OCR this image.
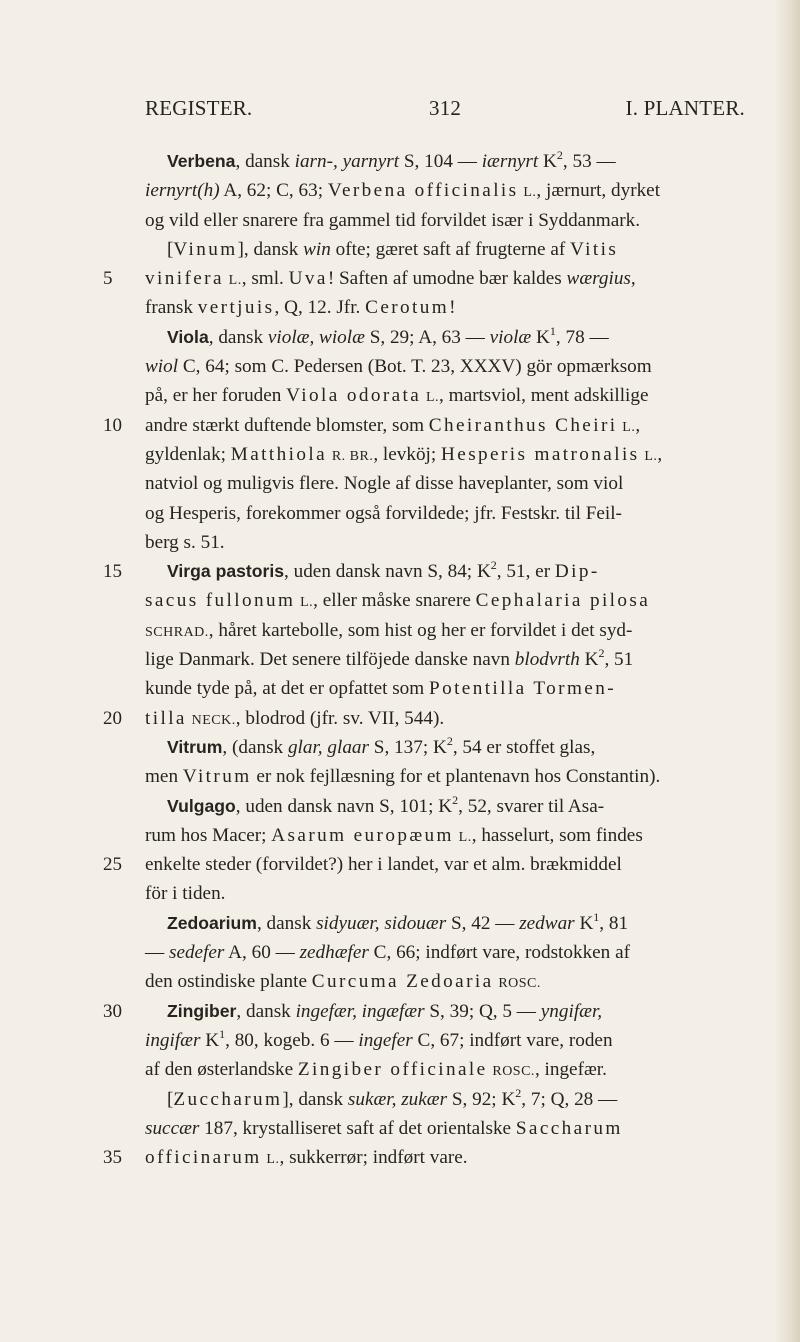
REGISTER.	312	I. PLANTER.
Verbena, dansk iarn-, yarnyrt S, 104 — iærnyrt $K^2$, 53 —
iernyrt(h) A, 62; C, 63; Verbena officinalis L., jærnurt, dyrket
og vild eller snarere fra gammel tid forvildet især i Syddanmark.
[Vinum], dansk win ofte; gæret saft af frugterne af Vitis
5	vinifera L., sml. Uva! Saften af umodne bær kaldes wærgius,
fransk vertjuis, Q, 12. Jfr. Cerotum!
Viola, dansk violæ, wiolæ S, 29; A, 63 — violæ $K^1$, 78 —
wiol C, 64; som C. Pedersen (Bot. T. 23, XXXV) gör opmærksom
på, er her foruden Viola odorata L., martsviol, ment adskillige
10	andre stærkt duftende blomster, som Cheiranthus Cheiri L.,
gyldenlak; Matthiola R. BR., levköj; Hesperis matronalis L.,
natviol og muligvis flere. Nogle af disse haveplanter, som viol
og Hesperis, forekommer også forvildede; jfr. Festskr. til Feil-
berg s. 51.
15	Virga pastoris, uden dansk navn S, 84; $K^2$, 51, er Dip-
sacus fullonum L., eller måske snarere Cephalaria pilosa
SCHRAD., håret kartebolle, som hist og her er forvildet i det syd-
lige Danmark. Det senere tilföjede danske navn blodvrth $K^2$, 51
kunde tyde på, at det er opfattet som Potentilla Tormen-
20	tilla NECK., blodrod (jfr. sv. VII, 544).
Vitrum, (dansk glar, glaar S, 137; $K^2$, 54 er stoffet glas,
men Vitrum er nok fejllæsning for et plantenavn hos Constantin).
Vulgago, uden dansk navn S, 101; $K^2$, 52, svarer til Asa-
rum hos Macer; Asarum europæum L., hasselurt, som findes
25	enkelte steder (forvildet?) her i landet, var et alm. brækmiddel
för i tiden.
Zedoarium, dansk sidyuær, sidouær S, 42 — zedwar $K^1$, 81
— sedefer A, 60 — zedhæfer C, 66; indført vare, rodstokken af
den ostindiske plante Curcuma Zedoaria ROSC.
30	Zingiber, dansk ingefær, ingæfær S, 39; Q, 5 — yngifær,
ingifær $K^1$, 80, kogeb. 6 — ingefer C, 67; indført vare, roden
af den østerlandske Zingiber officinale ROSC., ingefær.
[Zuccharum], dansk sukær, zukær S, 92; $K^2$, 7; Q, 28 —
succær 187, krystalliseret saft af det orientalske Saccharum
35	officinarum L., sukkerrør; indført vare.
